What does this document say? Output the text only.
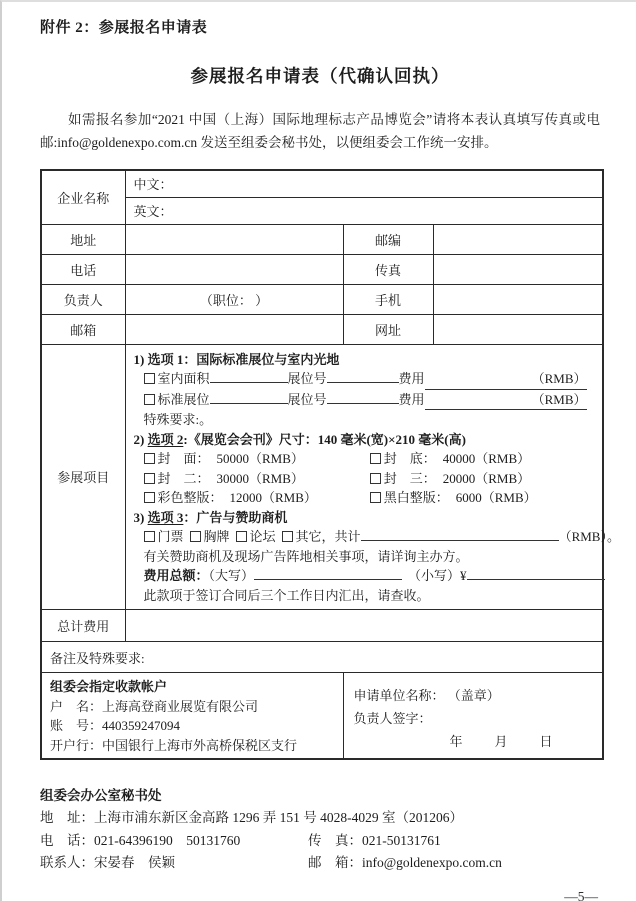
附件 2：参展报名申请表
参展报名申请表（代确认回执）

如需报名参加“2021 中国（上海）国际地理标志产品博览会”请将本表认真填写传真或电邮:info@goldenexpo.com.cn 发送至组委会秘书处，以便组委会工作统一安排。

企业名称	中文：		
	英文：		
地址		邮编	
电话		传真	
负责人	（职位： ）	手机	
邮箱		网址	
参展项目	
1) 选项 1：国际标准展位与室内光地
室内面积	展位号	费用	（RMB）
标准展位	展位号	费用	（RMB）
特殊要求:。
2) 选项 2:《展览会会刊》尺寸：140 毫米(宽)×210 毫米(高)
封　面： 50000（RMB）	封　底： 40000（RMB）
封　二： 30000（RMB）	封　三： 20000（RMB）
彩色整版： 12000（RMB）	黑白整版： 6000（RMB）
3) 选项 3：广告与赞助商机
门票 胸牌 论坛 其它，共计	（RMB）。
有关赞助商机及现场广告阵地相关事项，请详询主办方。
费用总额：（大写）	（小写）¥
此款项于签订合同后三个工作日内汇出，请查收。

总计费用			
备注及特殊要求:			

组委会指定收款帐户
户　名：上海高登商业展览有限公司
账　号：440359247094
开户行：中国银行上海市外高桥保税区支行

申请单位名称： （盖章）
负责人签字：
年　　月　　日
组委会办公室秘书处
地　址： 上海市浦东新区金高路 1296 弄 151 号 4028-4029 室（201206）
电　话：021-64396190　50131760	传　真：021-50131761
联系人：宋晏春　侯颖	邮　箱：info@goldenexpo.com.cn
—5—
